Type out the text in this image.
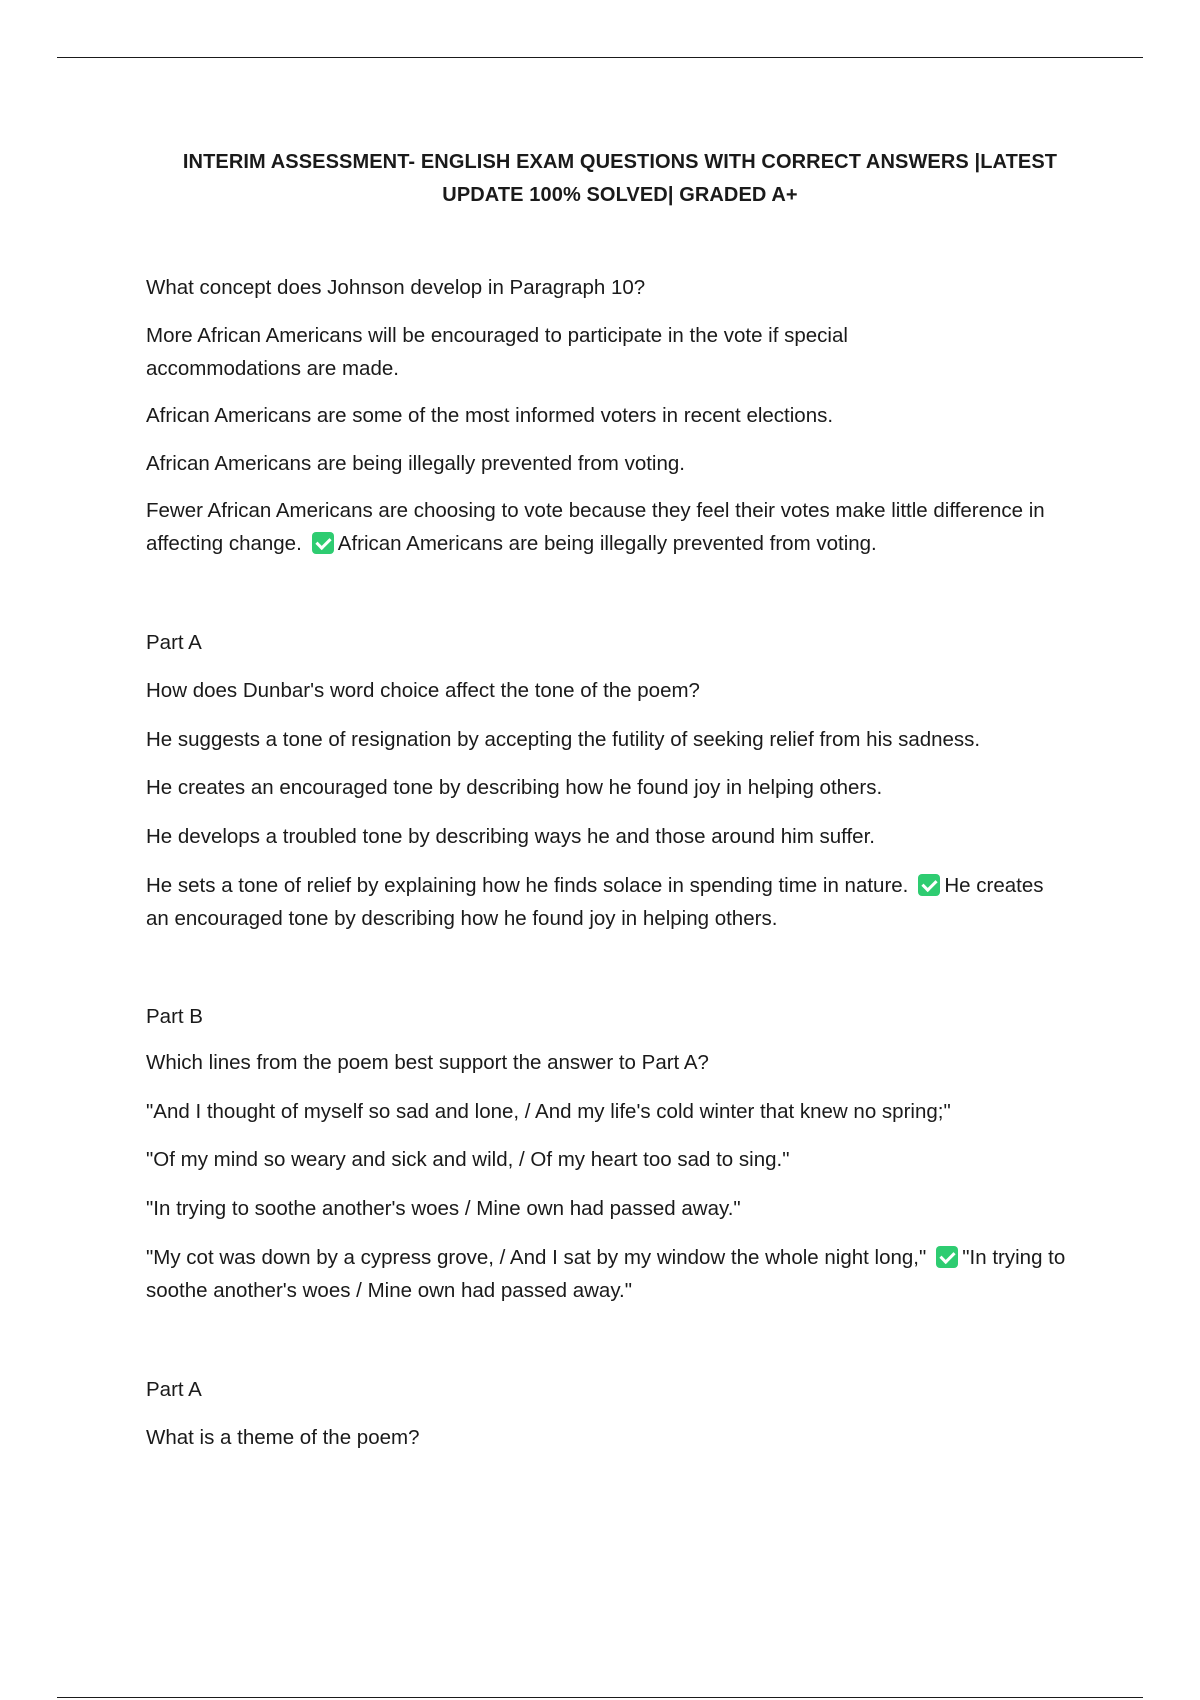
INTERIM ASSESSMENT- ENGLISH EXAM QUESTIONS WITH CORRECT ANSWERS |LATEST
UPDATE 100% SOLVED| GRADED A+
What concept does Johnson develop in Paragraph 10?
More African Americans will be encouraged to participate in the vote if special accommodations are made.
African Americans are some of the most informed voters in recent elections.
African Americans are being illegally prevented from voting.
Fewer African Americans are choosing to vote because they feel their votes make little difference in affecting change. African Americans are being illegally prevented from voting.
Part A
How does Dunbar's word choice affect the tone of the poem?
He suggests a tone of resignation by accepting the futility of seeking relief from his sadness.
He creates an encouraged tone by describing how he found joy in helping others.
He develops a troubled tone by describing ways he and those around him suffer.
He sets a tone of relief by explaining how he finds solace in spending time in nature. He creates an encouraged tone by describing how he found joy in helping others.
Part B
Which lines from the poem best support the answer to Part A?
"And I thought of myself so sad and lone, / And my life's cold winter that knew no spring;"
"Of my mind so weary and sick and wild, / Of my heart too sad to sing."
"In trying to soothe another's woes / Mine own had passed away."
"My cot was down by a cypress grove, / And I sat by my window the whole night long," "In trying to soothe another's woes / Mine own had passed away."
Part A
What is a theme of the poem?
